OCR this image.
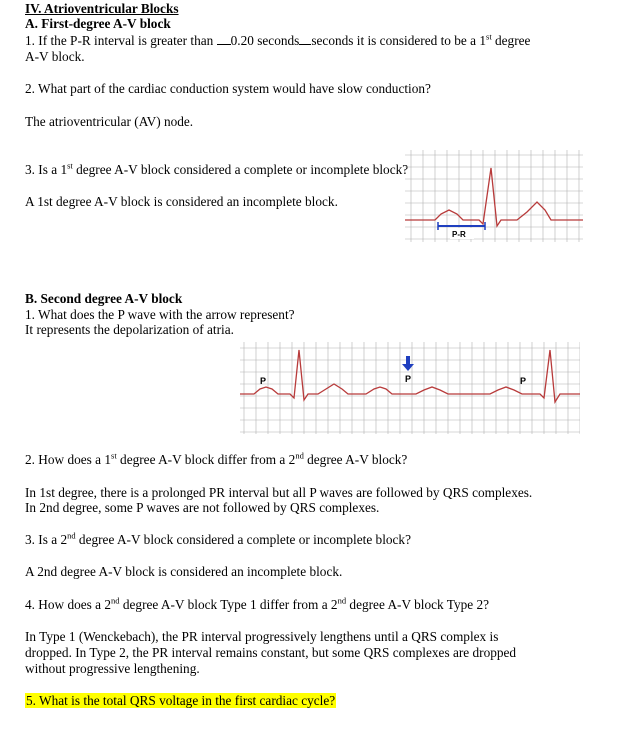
IV. Atrioventricular Blocks
A. First-degree A-V block
1. If the P-R interval is greater than 0.20 seconds seconds it is considered to be a 1st degree
A-V block.
2. What part of the cardiac conduction system would have slow conduction?
The atrioventricular (AV) node.
3. Is a 1st degree A-V block considered a complete or incomplete block?
A 1st degree A-V block is considered an incomplete block.
P-R
B. Second degree A-V block
1. What does the P wave with the arrow represent?
It represents the depolarization of atria.
P	P	P
2. How does a 1st degree A-V block differ from a 2nd degree A-V block?
In 1st degree, there is a prolonged PR interval but all P waves are followed by QRS complexes.
In 2nd degree, some P waves are not followed by QRS complexes.
3. Is a 2nd degree A-V block considered a complete or incomplete block?
A 2nd degree A-V block is considered an incomplete block.
4. How does a 2nd degree A-V block Type 1 differ from a 2nd degree A-V block Type 2?
In Type 1 (Wenckebach), the PR interval progressively lengthens until a QRS complex is
dropped. In Type 2, the PR interval remains constant, but some QRS complexes are dropped
without progressive lengthening.
5. What is the total QRS voltage in the first cardiac cycle?
